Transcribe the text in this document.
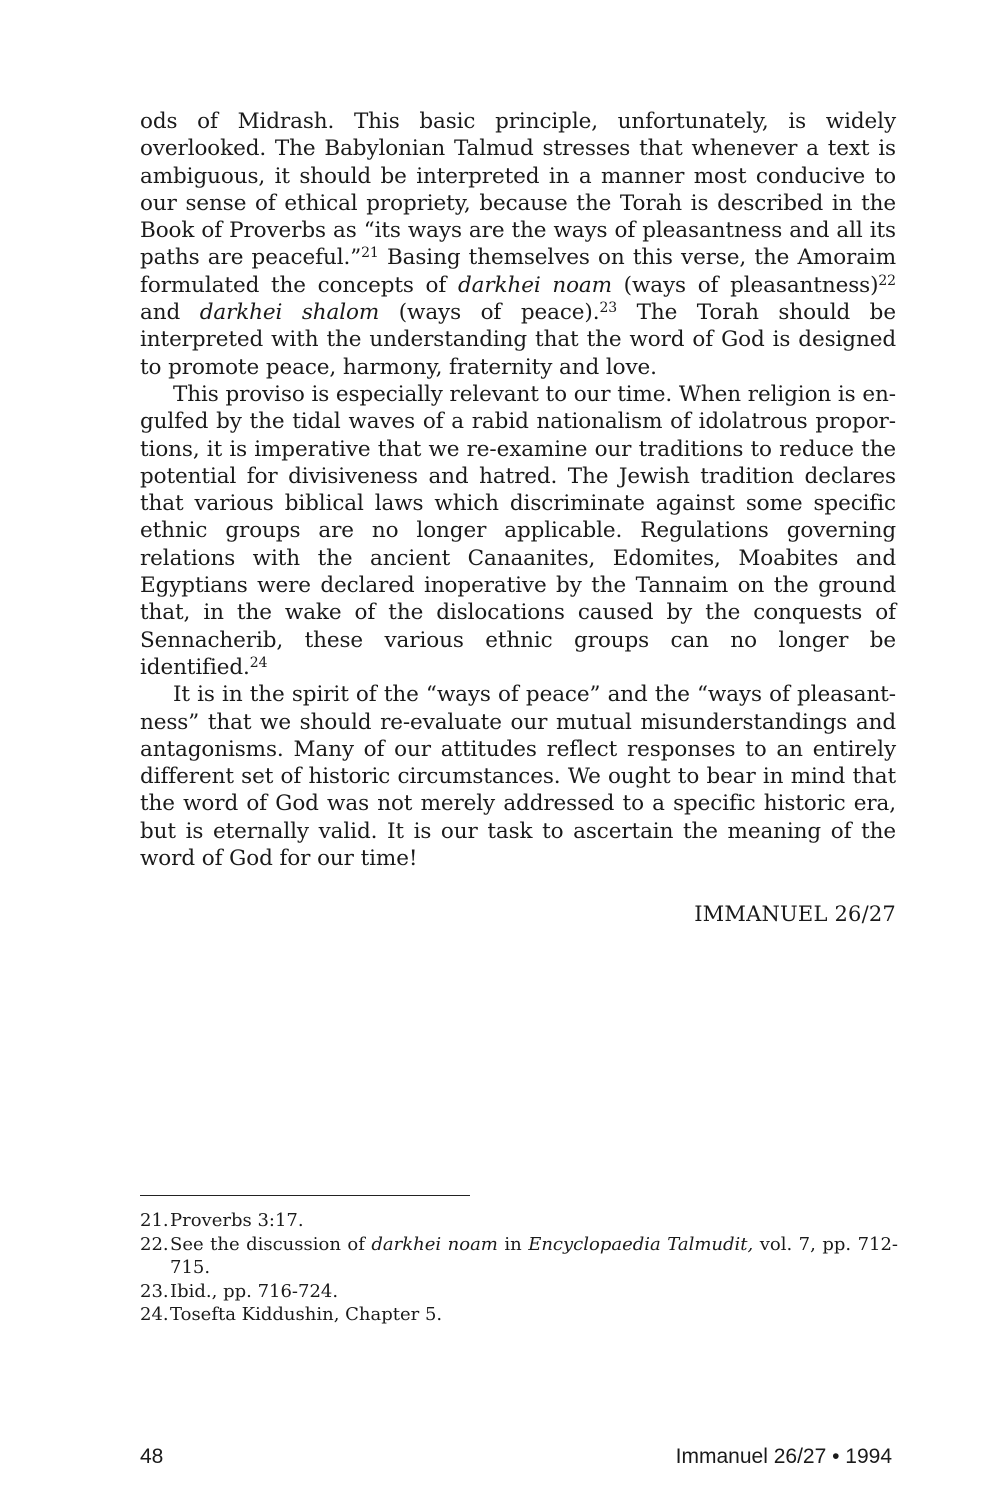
ods of Midrash. This basic principle, unfortunately, is widely overlooked. The Babylonian Talmud stresses that whenever a text is ambiguous, it should be interpreted in a manner most conducive to our sense of ethical propriety, because the Torah is described in the Book of Proverbs as “its ways are the ways of pleasantness and all its paths are peaceful.”$^{21}$ Basing themselves on this verse, the Amoraim formulated the concepts of darkhei noam (ways of pleasantness)$^{22}$ and darkhei shalom (ways of peace).$^{23}$ The Torah should be interpreted with the understanding that the word of God is designed to promote peace, harmony, fraternity and love.

This proviso is especially relevant to our time. When religion is engulfed by the tidal waves of a rabid nationalism of idolatrous proportions, it is imperative that we re-examine our traditions to reduce the potential for divisiveness and hatred. The Jewish tradition declares that various biblical laws which discriminate against some specific ethnic groups are no longer applicable. Regulations governing relations with the ancient Canaanites, Edomites, Moabites and Egyptians were declared inoperative by the Tannaim on the ground that, in the wake of the dislocations caused by the conquests of Sennacherib, these various ethnic groups can no longer be identified.$^{24}$

It is in the spirit of the “ways of peace” and the “ways of pleasantness” that we should re-evaluate our mutual misunderstandings and antagonisms. Many of our attitudes reflect responses to an entirely different set of historic circumstances. We ought to bear in mind that the word of God was not merely addressed to a specific historic era, but is eternally valid. It is our task to ascertain the meaning of the word of God for our time!

IMMANUEL 26/27
21. Proverbs 3:17.
22. See the discussion of darkhei noam in Encyclopaedia Talmudit, vol. 7, pp. 712-715.
23. Ibid., pp. 716-724.
24. Tosefta Kiddushin, Chapter 5.
48	Immanuel 26/27 • 1994
